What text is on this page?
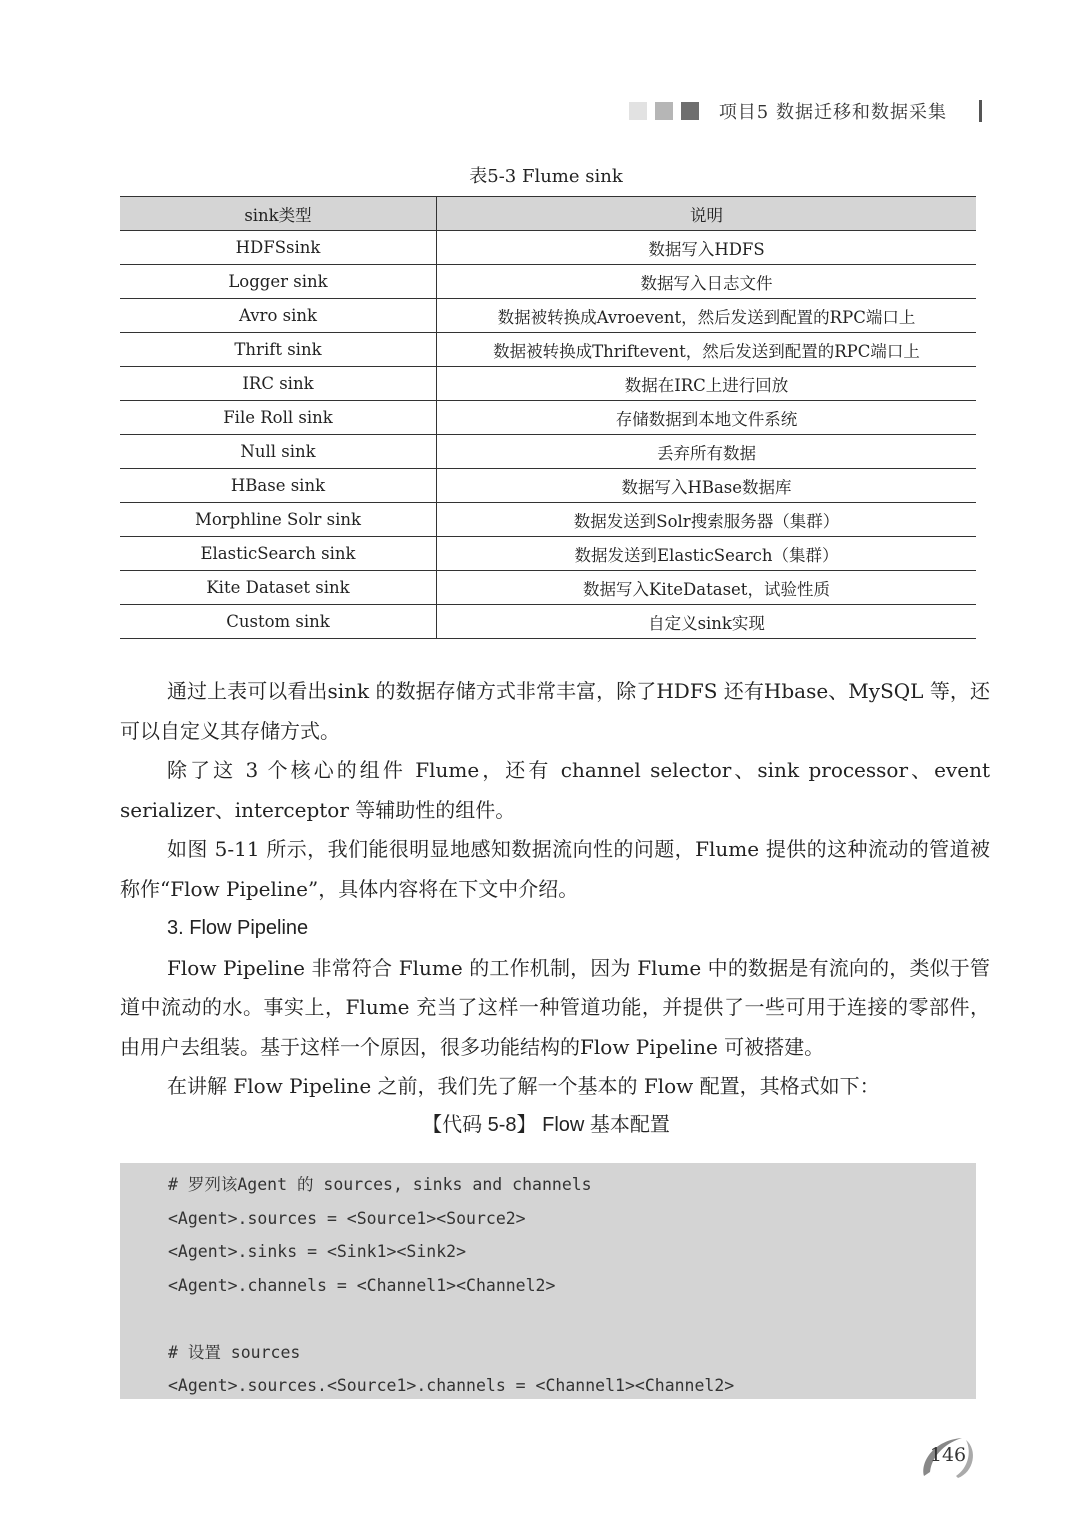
项目5 数据迁移和数据采集
表5-3 Flume sink
sink类型	说明
HDFSsink	数据写入HDFS
Logger sink	数据写入日志文件
Avro sink	数据被转换成Avroevent，然后发送到配置的RPC端口上
Thrift sink	数据被转换成Thriftevent，然后发送到配置的RPC端口上
IRC sink	数据在IRC上进行回放
File Roll sink	存储数据到本地文件系统
Null sink	丢弃所有数据
HBase sink	数据写入HBase数据库
Morphline Solr sink	数据发送到Solr搜索服务器（集群）
ElasticSearch sink	数据发送到ElasticSearch（集群）
Kite Dataset sink	数据写入KiteDataset，试验性质
Custom sink	自定义sink实现

通过上表可以看出sink 的数据存储方式非常丰富，除了HDFS 还有Hbase、MySQL 等，还可以自定义其存储方式。

除了这 3 个核心的组件 Flume，还有 channel selector、sink processor、event serializer、interceptor 等辅助性的组件。

如图 5-11 所示，我们能很明显地感知数据流向性的问题，Flume 提供的这种流动的管道被称作“Flow Pipeline”，具体内容将在下文中介绍。

3. Flow Pipeline

Flow Pipeline 非常符合 Flume 的工作机制，因为 Flume 中的数据是有流向的，类似于管道中流动的水。事实上，Flume 充当了这样一种管道功能，并提供了一些可用于连接的零部件，由用户去组装。基于这样一个原因，很多功能结构的Flow Pipeline 可被搭建。

在讲解 Flow Pipeline 之前，我们先了解一个基本的 Flow 配置，其格式如下：

【代码 5-8】 Flow 基本配置
# 罗列该Agent 的 sources, sinks and channels
<Agent>.sources = <Source1><Source2>
<Agent>.sinks = <Sink1><Sink2>
<Agent>.channels = <Channel1><Channel2>
# 设置 sources
<Agent>.sources.<Source1>.channels = <Channel1><Channel2>
146
